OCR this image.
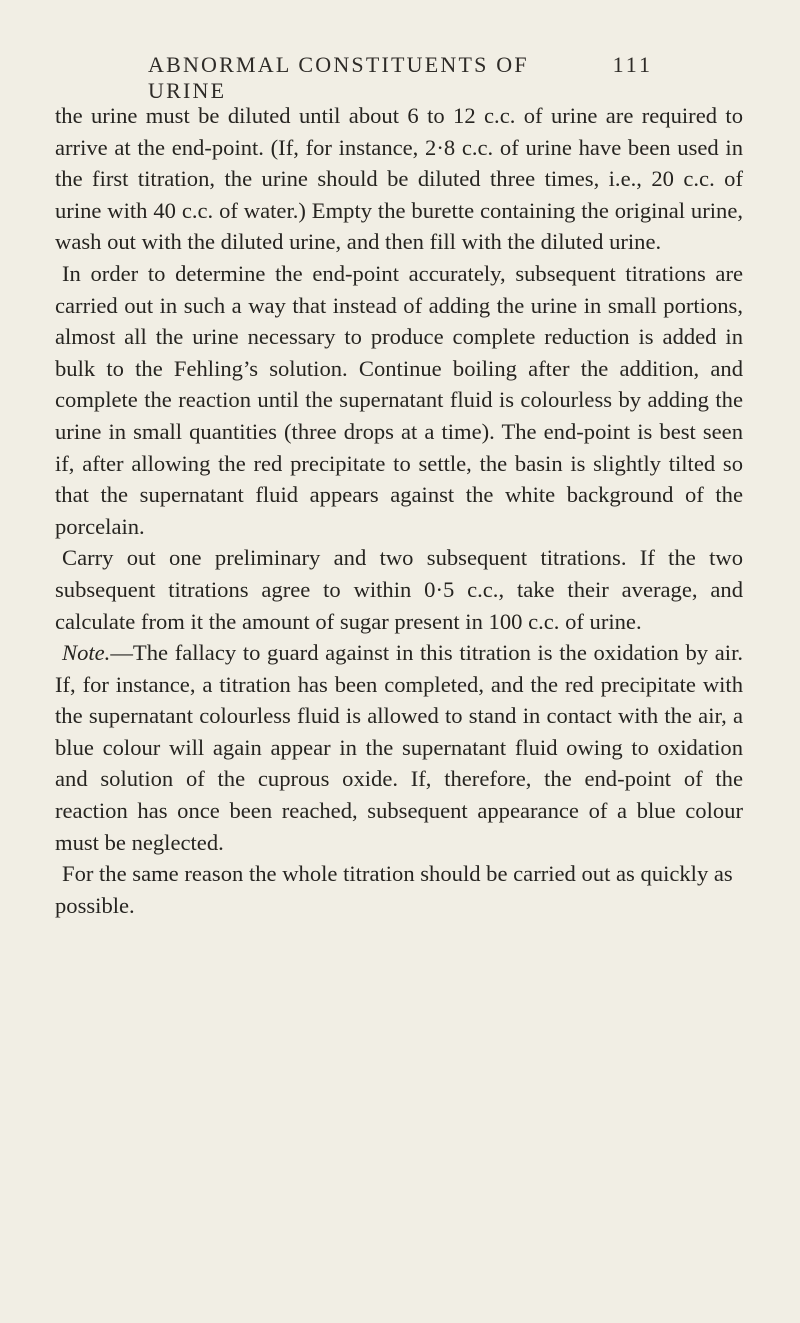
ABNORMAL CONSTITUENTS OF URINE
111

the urine must be diluted until about 6 to 12 c.c. of urine are required to arrive at the end-point. (If, for instance, 2·8 c.c. of urine have been used in the first titration, the urine should be diluted three times, i.e., 20 c.c. of urine with 40 c.c. of water.) Empty the burette containing the original urine, wash out with the diluted urine, and then fill with the diluted urine.

In order to determine the end-point accurately, subsequent titrations are carried out in such a way that instead of adding the urine in small portions, almost all the urine necessary to produce complete reduction is added in bulk to the Fehling’s solution. Continue boiling after the addition, and complete the reaction until the supernatant fluid is colourless by adding the urine in small quantities (three drops at a time). The end-point is best seen if, after allowing the red precipitate to settle, the basin is slightly tilted so that the supernatant fluid appears against the white background of the porcelain.

Carry out one preliminary and two subsequent titrations. If the two subsequent titrations agree to within 0·5 c.c., take their average, and calculate from it the amount of sugar present in 100 c.c. of urine.

Note.—The fallacy to guard against in this titration is the oxidation by air. If, for instance, a titration has been completed, and the red precipitate with the supernatant colourless fluid is allowed to stand in contact with the air, a blue colour will again appear in the supernatant fluid owing to oxidation and solution of the cuprous oxide. If, therefore, the end-point of the reaction has once been reached, subsequent appearance of a blue colour must be neglected.

For the same reason the whole titration should be carried out as quickly as possible.
